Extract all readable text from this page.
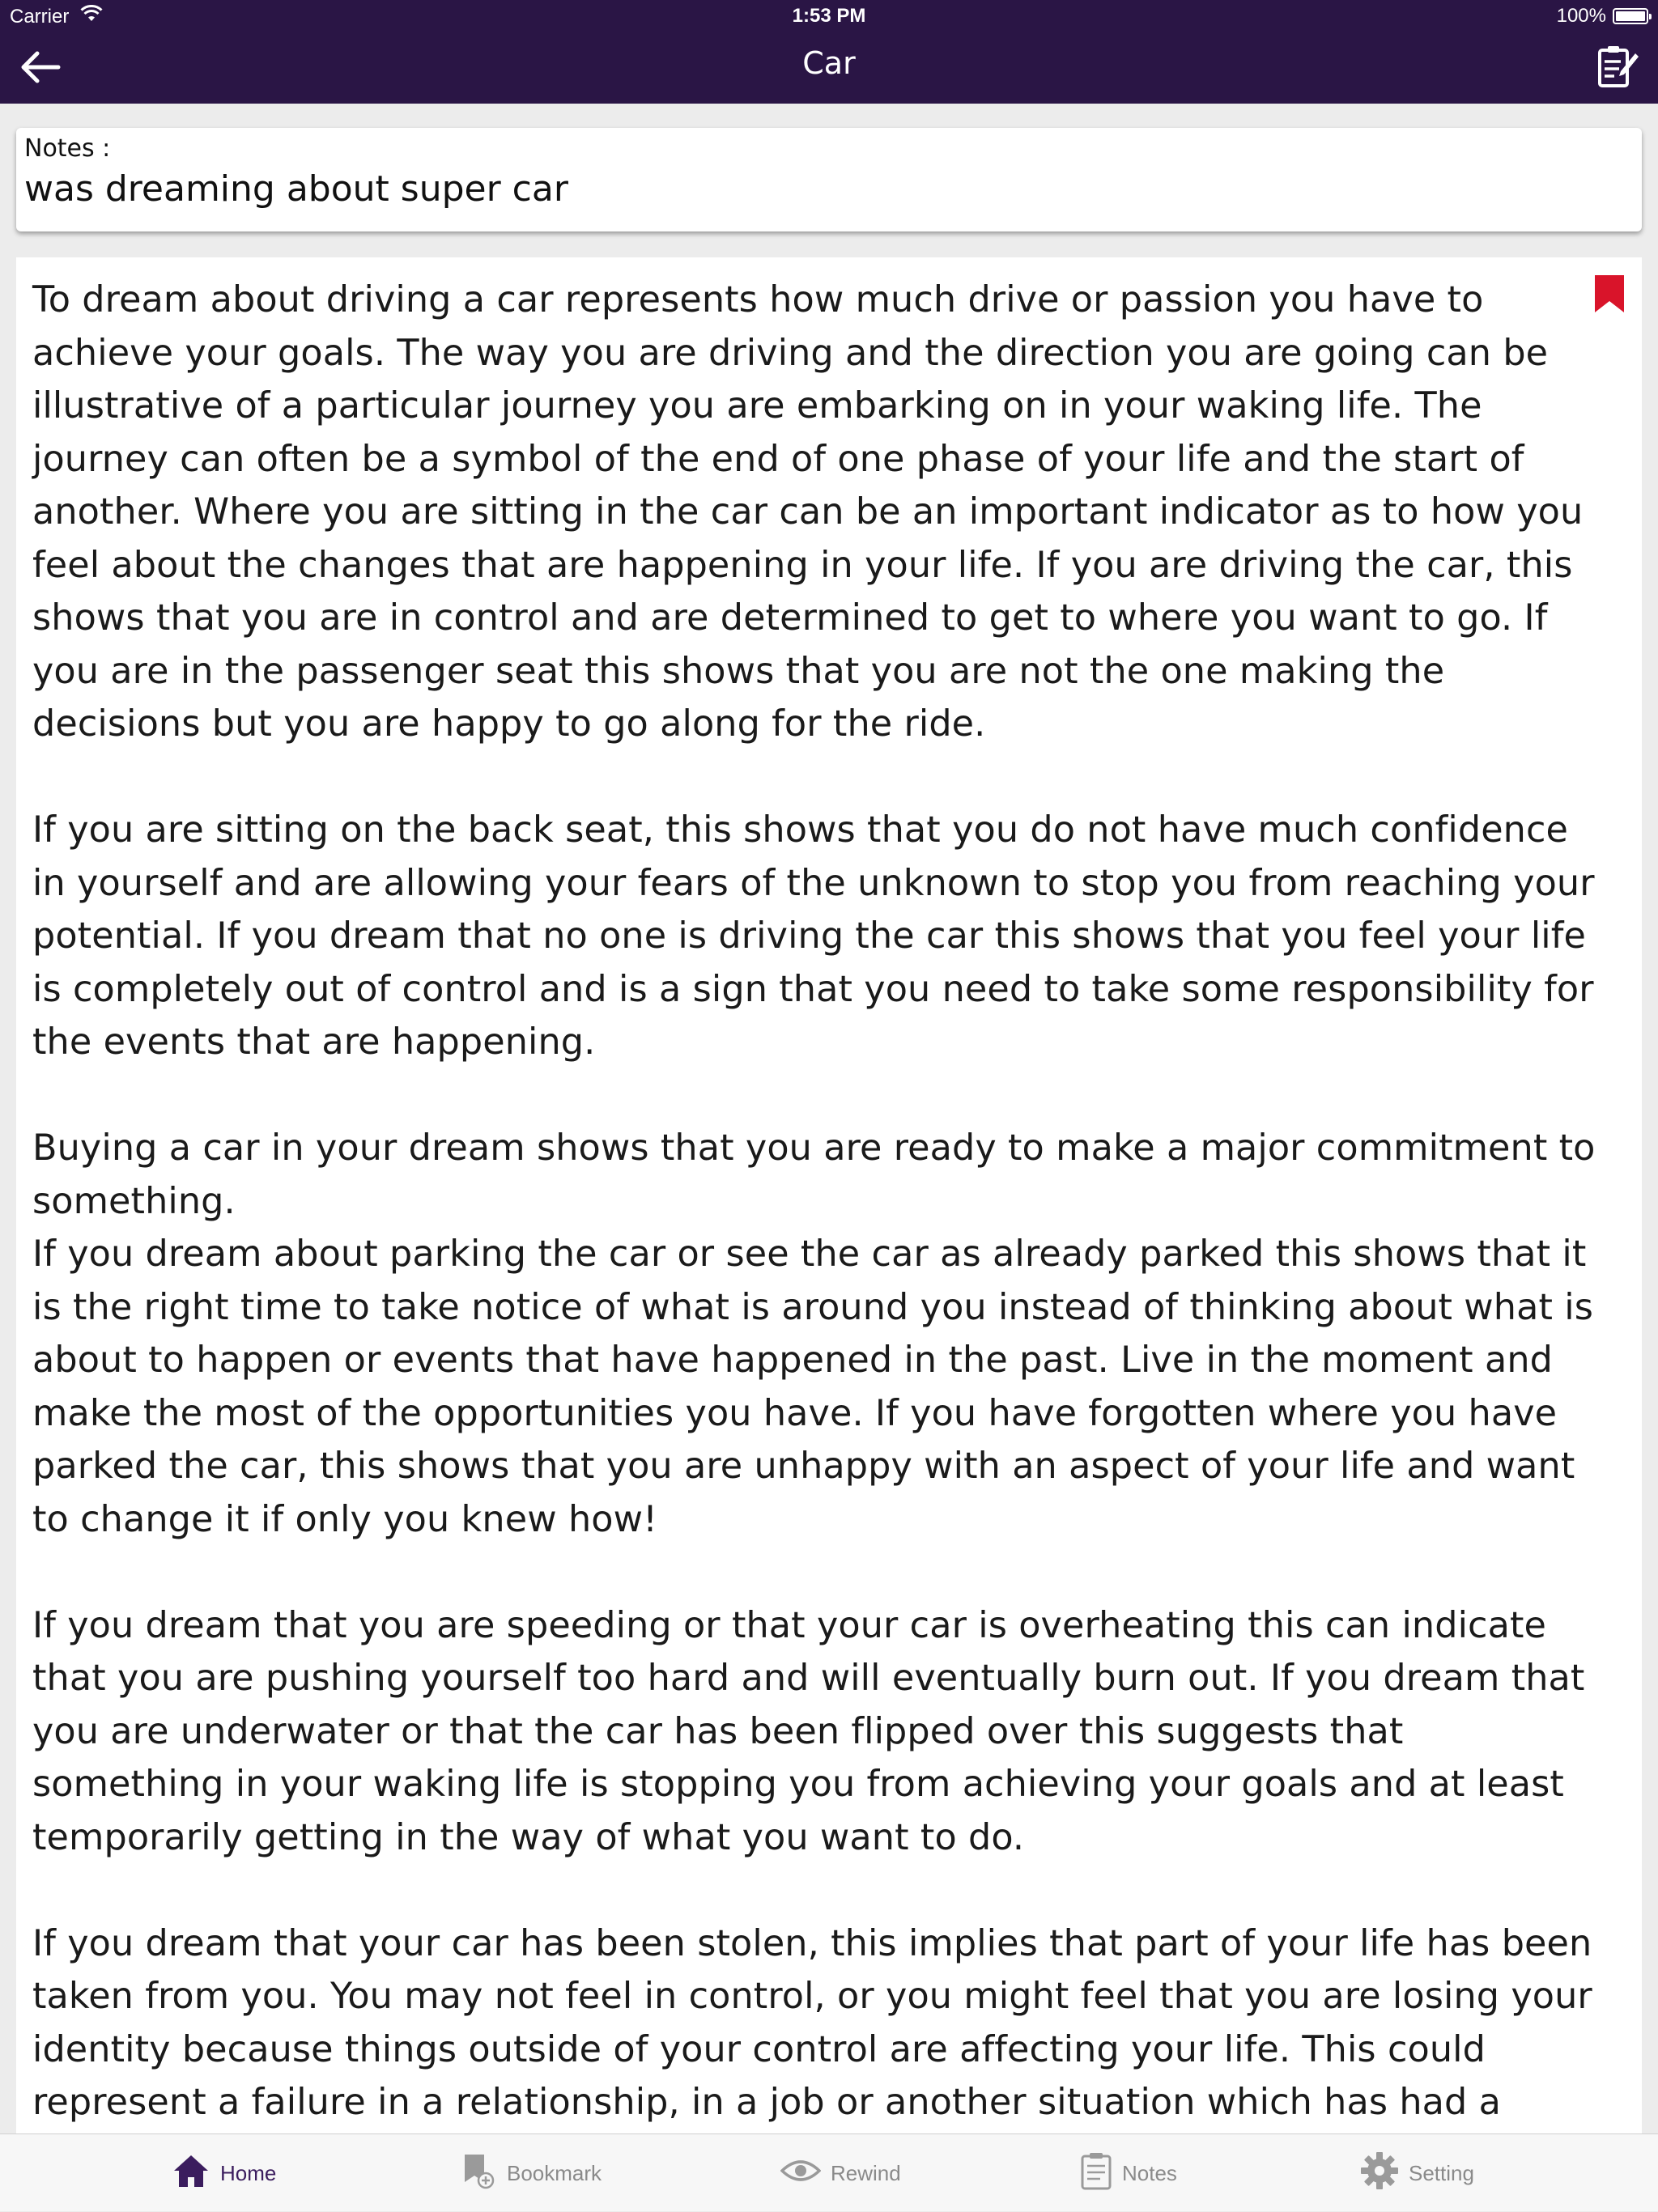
Carrier	1:53 PM	100%
Car
Notes :
was dreaming about super car
To dream about driving a car represents how much drive or passion you have to achieve your goals. The way you are driving and the direction you are going can be illustrative of a particular journey you are embarking on in your waking life. The journey can often be a symbol of the end of one phase of your life and the start of another. Where you are sitting in the car can be an important indicator as to how you feel about the changes that are happening in your life. If you are driving the car, this shows that you are in control and are determined to get to where you want to go. If you are in the passenger seat this shows that you are not the one making the decisions but you are happy to go along for the ride.

If you are sitting on the back seat, this shows that you do not have much confidence in yourself and are allowing your fears of the unknown to stop you from reaching your potential. If you dream that no one is driving the car this shows that you feel your life is completely out of control and is a sign that you need to take some responsibility for the events that are happening.

Buying a car in your dream shows that you are ready to make a major commitment to something.
If you dream about parking the car or see the car as already parked this shows that it is the right time to take notice of what is around you instead of thinking about what is about to happen or events that have happened in the past. Live in the moment and make the most of the opportunities you have. If you have forgotten where you have parked the car, this shows that you are unhappy with an aspect of your life and want to change it if only you knew how!

If you dream that you are speeding or that your car is overheating this can indicate that you are pushing yourself too hard and will eventually burn out. If you dream that you are underwater or that the car has been flipped over this suggests that something in your waking life is stopping you from achieving your goals and at least temporarily getting in the way of what you want to do.

If you dream that your car has been stolen, this implies that part of your life has been taken from you. You may not feel in control, or you might feel that you are losing your identity because things outside of your control are affecting your life. This could represent a failure in a relationship, in a job or another situation which has had a
Home	Bookmark	Rewind	Notes	Setting
